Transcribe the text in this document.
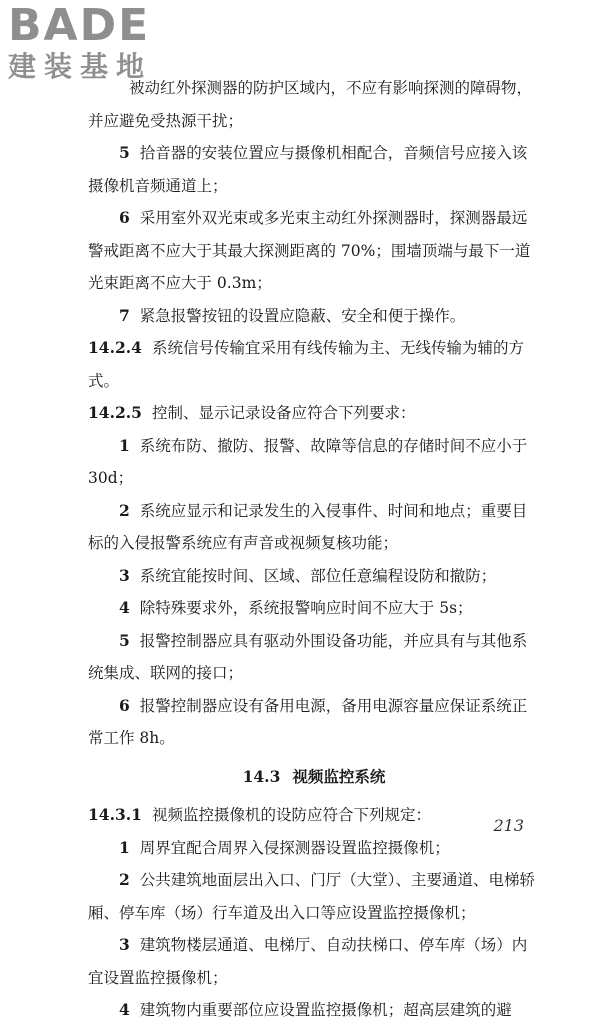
BADE
建装基地

被动红外探测器的防护区域内，不应有影响探测的障碍物，并应避免受热源干扰；

5 拾音器的安装位置应与摄像机相配合，音频信号应接入该摄像机音频通道上；

6 采用室外双光束或多光束主动红外探测器时，探测器最远警戒距离不应大于其最大探测距离的 70%；围墙顶端与最下一道光束距离不应大于 0.3m；

7 紧急报警按钮的设置应隐蔽、安全和便于操作。

14.2.4 系统信号传输宜采用有线传输为主、无线传输为辅的方式。

14.2.5 控制、显示记录设备应符合下列要求：

1 系统布防、撤防、报警、故障等信息的存储时间不应小于 30d；

2 系统应显示和记录发生的入侵事件、时间和地点；重要目标的入侵报警系统应有声音或视频复核功能；

3 系统宜能按时间、区域、部位任意编程设防和撤防；

4 除特殊要求外，系统报警响应时间不应大于 5s；

5 报警控制器应具有驱动外围设备功能，并应具有与其他系统集成、联网的接口；

6 报警控制器应设有备用电源，备用电源容量应保证系统正常工作 8h。

14.3 视频监控系统

14.3.1 视频监控摄像机的设防应符合下列规定：

1 周界宜配合周界入侵探测器设置监控摄像机；

2 公共建筑地面层出入口、门厅（大堂）、主要通道、电梯轿厢、停车库（场）行车道及出入口等应设置监控摄像机；

3 建筑物楼层通道、电梯厅、自动扶梯口、停车库（场）内宜设置监控摄像机；

4 建筑物内重要部位应设置监控摄像机；超高层建筑的避

213
